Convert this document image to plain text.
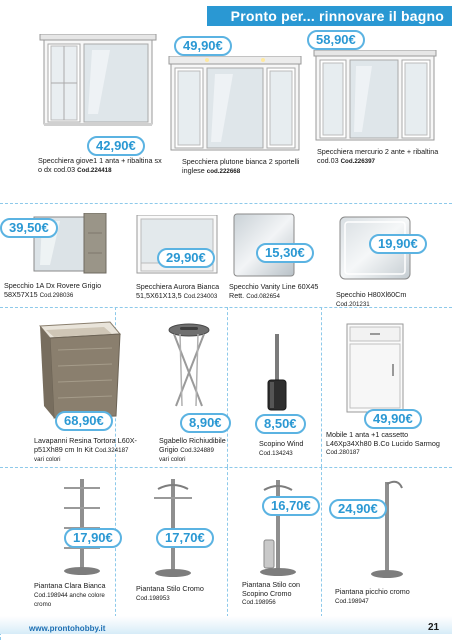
Pronto per... rinnovare il bagno
42,90€
Specchiera giove1 1 anta + ribaltina sx o dx cod.03 Cod.224418
49,90€
Specchiera plutone bianca 2 sportelli inglese cod.222668
58,90€
Specchiera mercurio 2 ante + ribaltina cod.03 Cod.226397
39,50€
Specchio 1A Dx Rovere Grigio 58X57X15 Cod.298036
29,90€
Specchiera Aurora Bianca 51,5X61X13,5 Cod.234003
15,30€
Specchio Vanity Line 60X45 Rett. Cod.082654
19,90€
Specchio H80Xl60Cm
Cod.201231
68,90€
Lavapanni Resina Tortora L60X-p51Xh89 cm In Kit Cod.324187
vari colori
8,90€
Sgabello Richiudibile Grigio Cod.324889
vari colori
8,50€
Scopino Wind
Cod.134243
49,90€
Mobile 1 anta +1 cassetto L46Xp34Xh80 B.Co Lucido Sarmog Cod.280187
17,90€
Piantana Clara Bianca
Cod.198944 anche colore cromo
17,70€
Piantana Stilo Cromo
Cod.198953
16,70€
Piantana Stilo con Scopino Cromo
Cod.198956
24,90€
Piantana picchio cromo
Cod.198947
www.prontohobby.it	21
